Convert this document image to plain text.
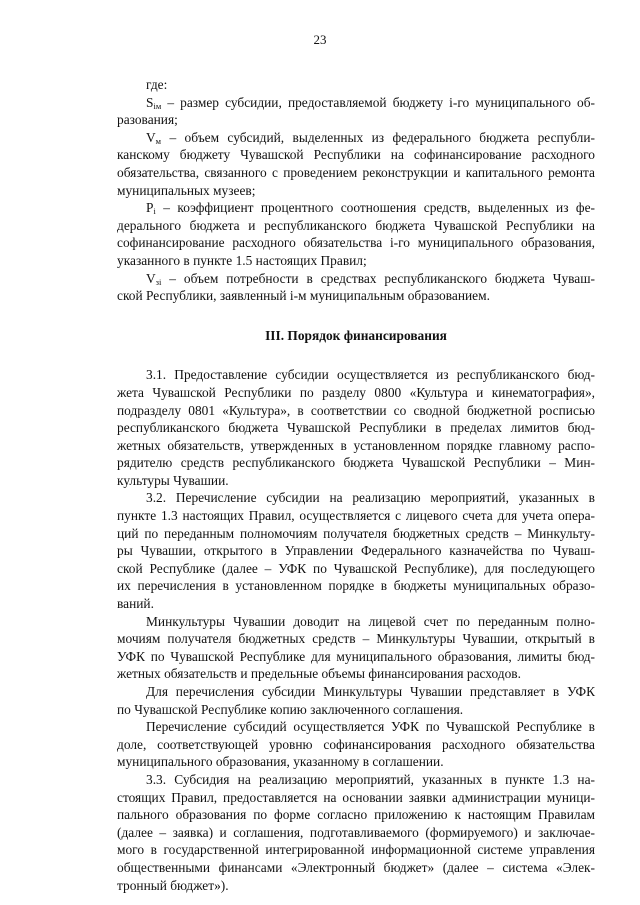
23
где:
$S_{iм}$ – размер субсидии, предоставляемой бюджету i-го муниципального об-
разования;
$V_м$ – объем субсидий, выделенных из федерального бюджета республи-
канскому бюджету Чувашской Республики на софинансирование расходного
обязательства, связанного с проведением реконструкции и капитального ремонта
муниципальных музеев;
$P_i$ – коэффициент процентного соотношения средств, выделенных из фе-
дерального бюджета и республиканского бюджета Чувашской Республики на
софинансирование расходного обязательства i-го муниципального образования,
указанного в пункте 1.5 настоящих Правил;
$V_{зi}$ – объем потребности в средствах республиканского бюджета Чуваш-
ской Республики, заявленный i-м муниципальным образованием.
III. Порядок финансирования
3.1. Предоставление субсидии осуществляется из республиканского бюд-
жета Чувашской Республики по разделу 0800 «Культура и кинематография»,
подразделу 0801 «Культура», в соответствии со сводной бюджетной росписью
республиканского бюджета Чувашской Республики в пределах лимитов бюд-
жетных обязательств, утвержденных в установленном порядке главному распо-
рядителю средств республиканского бюджета Чувашской Республики – Мин-
культуры Чувашии.
3.2. Перечисление субсидии на реализацию мероприятий, указанных в
пункте 1.3 настоящих Правил, осуществляется с лицевого счета для учета опера-
ций по переданным полномочиям получателя бюджетных средств – Минкульту-
ры Чувашии, открытого в Управлении Федерального казначейства по Чуваш-
ской Республике (далее – УФК по Чувашской Республике), для последующего
их перечисления в установленном порядке в бюджеты муниципальных образо-
ваний.
Минкультуры Чувашии доводит на лицевой счет по переданным полно-
мочиям получателя бюджетных средств – Минкультуры Чувашии, открытый в
УФК по Чувашской Республике для муниципального образования, лимиты бюд-
жетных обязательств и предельные объемы финансирования расходов.
Для перечисления субсидии Минкультуры Чувашии представляет в УФК
по Чувашской Республике копию заключенного соглашения.
Перечисление субсидий осуществляется УФК по Чувашской Республике в
доле, соответствующей уровню софинансирования расходного обязательства
муниципального образования, указанному в соглашении.
3.3. Субсидия на реализацию мероприятий, указанных в пункте 1.3 на-
стоящих Правил, предоставляется на основании заявки администрации муници-
пального образования по форме согласно приложению к настоящим Правилам
(далее – заявка) и соглашения, подготавливаемого (формируемого) и заключае-
мого в государственной интегрированной информационной системе управления
общественными финансами «Электронный бюджет» (далее – система «Элек-
тронный бюджет»).
